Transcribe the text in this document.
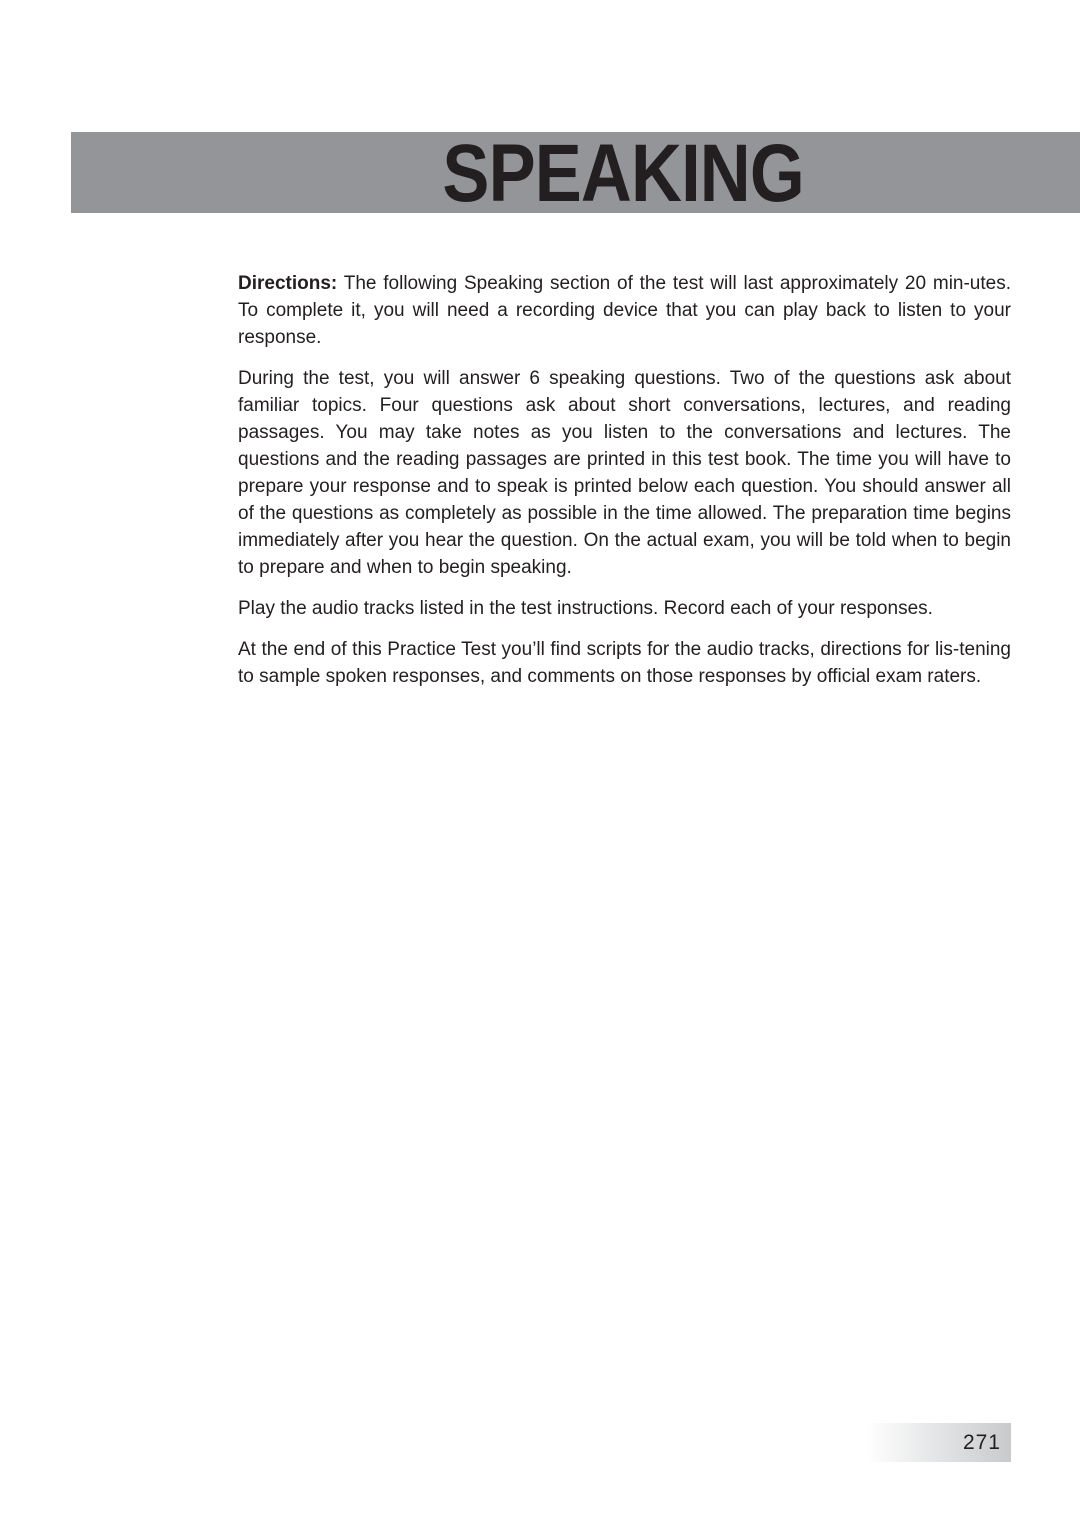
SPEAKING

Directions: The following Speaking section of the test will last approximately 20 min-utes. To complete it, you will need a recording device that you can play back to listen to your response.

During the test, you will answer 6 speaking questions. Two of the questions ask about familiar topics. Four questions ask about short conversations, lectures, and reading passages. You may take notes as you listen to the conversations and lectures. The questions and the reading passages are printed in this test book. The time you will have to prepare your response and to speak is printed below each question. You should answer all of the questions as completely as possible in the time allowed. The preparation time begins immediately after you hear the question. On the actual exam, you will be told when to begin to prepare and when to begin speaking.

Play the audio tracks listed in the test instructions. Record each of your responses.

At the end of this Practice Test you’ll find scripts for the audio tracks, directions for lis-tening to sample spoken responses, and comments on those responses by official exam raters.

271
